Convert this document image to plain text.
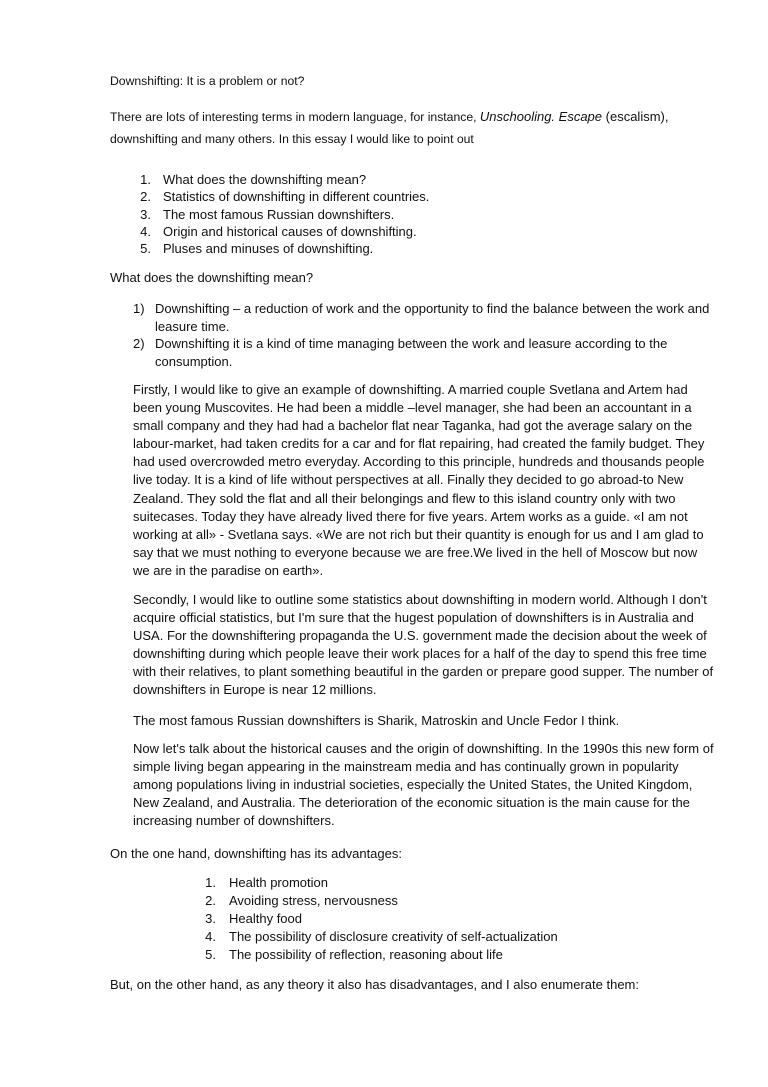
Downshifting: It is a problem or not?
There are lots of interesting terms in modern language, for instance, Unschooling. Escape (escalism),
downshifting and many others. In this essay I would like to point out
1. What does the downshifting mean?
2. Statistics of downshifting in different countries.
3. The most famous Russian downshifters.
4. Origin and historical causes of downshifting.
5. Pluses and minuses of downshifting.
What does the downshifting mean?
1) Downshifting – a reduction of work and the opportunity to find the balance between the work and leasure time.
2) Downshifting it is a kind of time managing between the work and leasure according to the consumption.

Firstly, I would like to give an example of downshifting. A married couple Svetlana and Artem had been young Muscovites. He had been a middle –level manager, she had been an accountant in a small company and they had had a bachelor flat near Taganka, had got the average salary on the labour-market, had taken credits for a car and for flat repairing, had created the family budget. They had used overcrowded metro everyday. According to this principle, hundreds and thousands people live today. It is a kind of life without perspectives at all. Finally they decided to go abroad-to New Zealand. They sold the flat and all their belongings and flew to this island country only with two suitecases. Today they have already lived there for five years. Artem works as a guide. «I am not working at all» - Svetlana says. «We are not rich but their quantity is enough for us and I am glad to say that we must nothing to everyone because we are free.We lived in the hell of Moscow but now we are in the paradise on earth».

Secondly, I would like to outline some statistics about downshifting in modern world. Although I don't acquire official statistics, but I'm sure that the hugest population of downshifters is in Australia and USA. For the downshiftering propaganda the U.S. government made the decision about the week of downshifting during which people leave their work places for a half of the day to spend this free time with their relatives, to plant something beautiful in the garden or prepare good supper. The number of downshifters in Europe is near 12 millions.

The most famous Russian downshifters is Sharik, Matroskin and Uncle Fedor I think.

Now let's talk about the historical causes and the origin of downshifting. In the 1990s this new form of simple living began appearing in the mainstream media and has continually grown in popularity among populations living in industrial societies, especially the United States, the United Kingdom, New Zealand, and Australia. The deterioration of the economic situation is the main cause for the increasing number of downshifters.

On the one hand, downshifting has its advantages:
1. Health promotion
2. Avoiding stress, nervousness
3. Healthy food
4. The possibility of disclosure creativity of self-actualization
5. The possibility of reflection, reasoning about life
But, on the other hand, as any theory it also has disadvantages, and I also enumerate them:
